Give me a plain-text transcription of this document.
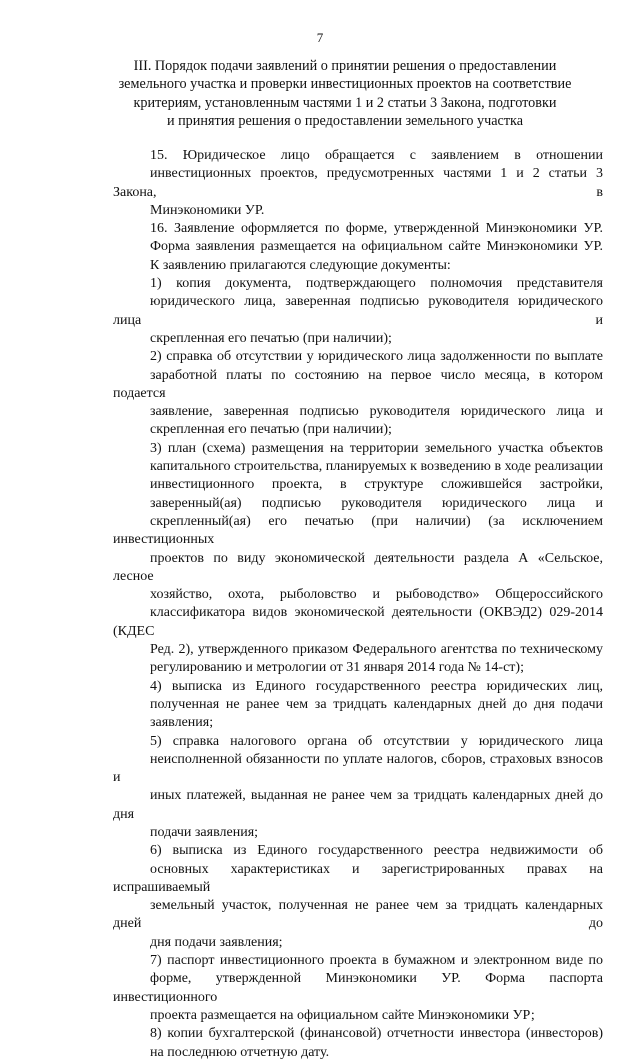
7
III. Порядок подачи заявлений о принятии решения о предоставлении
земельного участка и проверки инвестиционных проектов на соответствие
критериям, установленным частями 1 и 2 статьи 3 Закона, подготовки
и принятия решения о предоставлении земельного участка

15. Юридическое лицо обращается с заявлением в отношении
инвестиционных проектов, предусмотренных частями 1 и 2 статьи 3 Закона, в
Минэкономики УР.

16. Заявление оформляется по форме, утвержденной Минэкономики УР.
Форма заявления размещается на официальном сайте Минэкономики УР.
К заявлению прилагаются следующие документы:

1) копия документа, подтверждающего полномочия представителя
юридического лица, заверенная подписью руководителя юридического лица и
скрепленная его печатью (при наличии);

2) справка об отсутствии у юридического лица задолженности по выплате
заработной платы по состоянию на первое число месяца, в котором подается
заявление, заверенная подписью руководителя юридического лица и
скрепленная его печатью (при наличии);

3) план (схема) размещения на территории земельного участка объектов
капитального строительства, планируемых к возведению в ходе реализации
инвестиционного проекта, в структуре сложившейся застройки,
заверенный(ая) подписью руководителя юридического лица и
скрепленный(ая) его печатью (при наличии) (за исключением инвестиционных
проектов по виду экономической деятельности раздела А «Сельское, лесное
хозяйство, охота, рыболовство и рыбоводство» Общероссийского
классификатора видов экономической деятельности (ОКВЭД2) 029-2014 (КДЕС
Ред. 2), утвержденного приказом Федерального агентства по техническому
регулированию и метрологии от 31 января 2014 года № 14-ст);

4) выписка из Единого государственного реестра юридических лиц,
полученная не ранее чем за тридцать календарных дней до дня подачи
заявления;

5) справка налогового органа об отсутствии у юридического лица
неисполненной обязанности по уплате налогов, сборов, страховых взносов и
иных платежей, выданная не ранее чем за тридцать календарных дней до дня
подачи заявления;

6) выписка из Единого государственного реестра недвижимости об
основных характеристиках и зарегистрированных правах на испрашиваемый
земельный участок, полученная не ранее чем за тридцать календарных дней до
дня подачи заявления;

7) паспорт инвестиционного проекта в бумажном и электронном виде по
форме, утвержденной Минэкономики УР. Форма паспорта инвестиционного
проекта размещается на официальном сайте Минэкономики УР;

8) копии бухгалтерской (финансовой) отчетности инвестора (инвесторов)
на последнюю отчетную дату.
